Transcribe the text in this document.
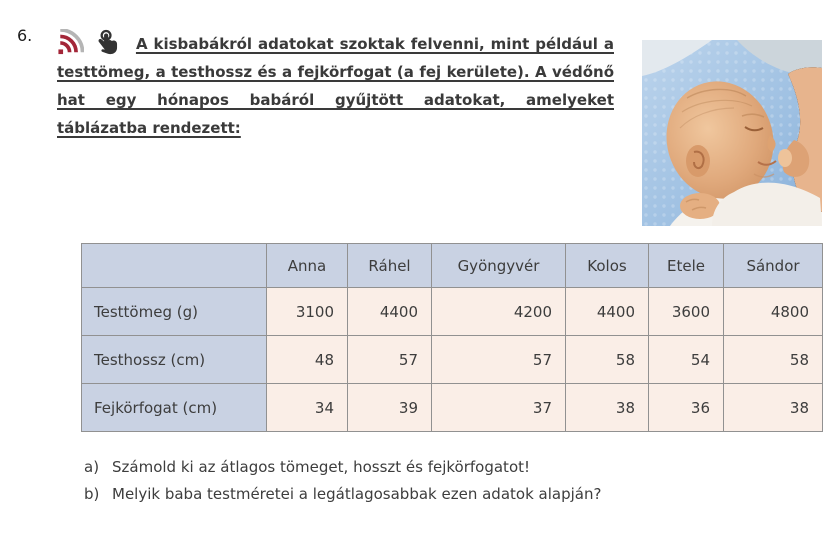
6.	A kisbabákról adatokat szoktak felvenni, mint például a testtömeg, a testhossz és a fejkörfogat (a fej kerülete). A védőnő hat egy hónapos babáról gyűjtött adatokat, amelyeket táblázatba rendezett:
	Anna	Ráhel	Gyöngyvér	Kolos	Etele	Sándor
Testtömeg (g)	3100	4400	4200	4400	3600	4800
Testhossz (cm)	48	57	57	58	54	58
Fejkörfogat (cm)	34	39	37	38	36	38
a) Számold ki az átlagos tömeget, hosszt és fejkörfogatot!
b) Melyik baba testméretei a legátlagosabbak ezen adatok alapján?
